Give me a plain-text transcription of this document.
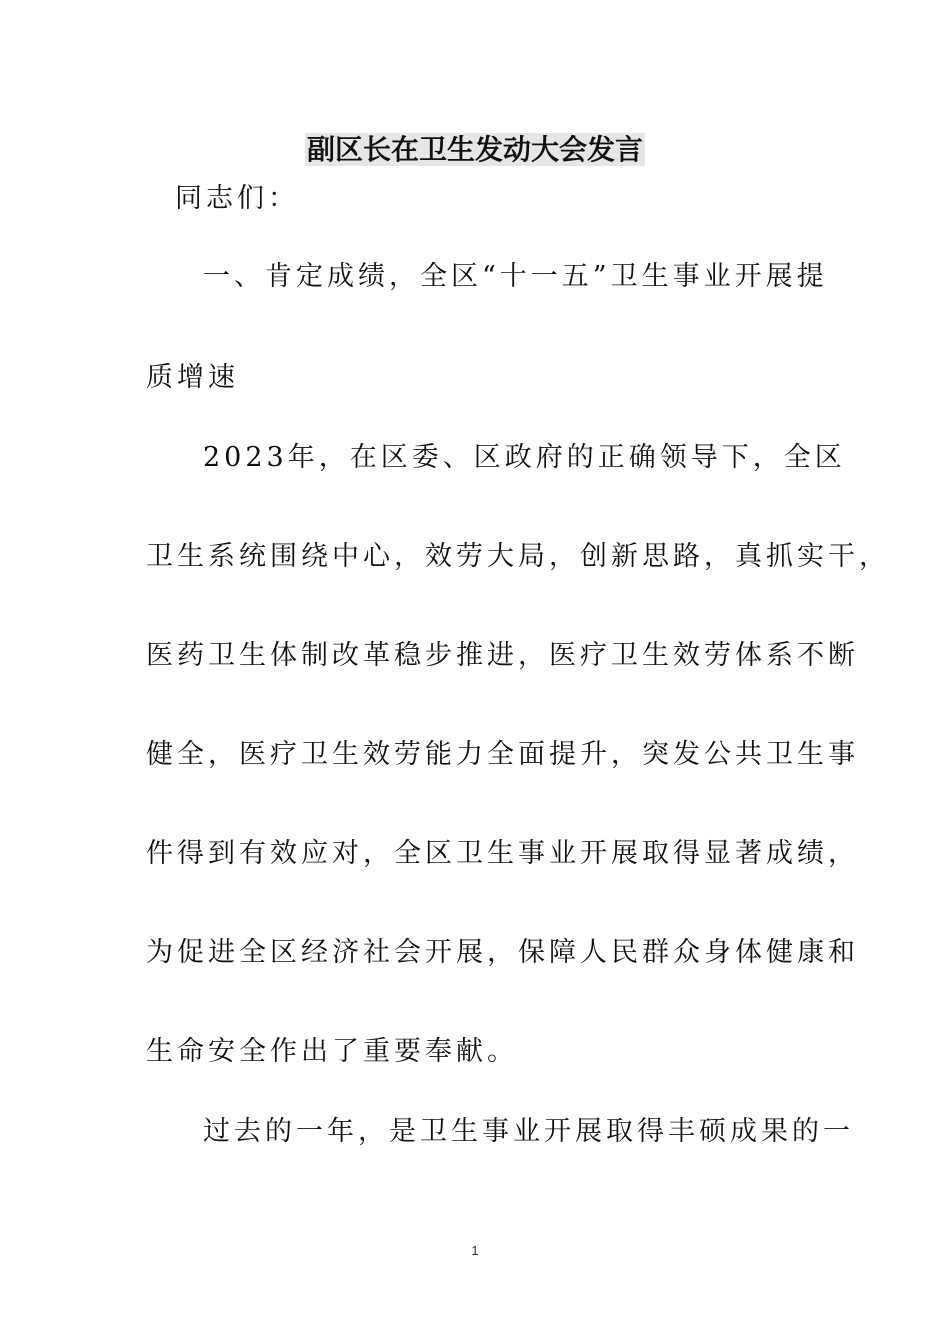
副区长在卫生发动大会发言
同志们：
一、肯定成绩，全区“十一五”卫生事业开展提
质增速
2023年，在区委、区政府的正确领导下，全区
卫生系统围绕中心，效劳大局，创新思路，真抓实干，
医药卫生体制改革稳步推进，医疗卫生效劳体系不断
健全，医疗卫生效劳能力全面提升，突发公共卫生事
件得到有效应对，全区卫生事业开展取得显著成绩，
为促进全区经济社会开展，保障人民群众身体健康和
生命安全作出了重要奉献。
过去的一年，是卫生事业开展取得丰硕成果的一
1
